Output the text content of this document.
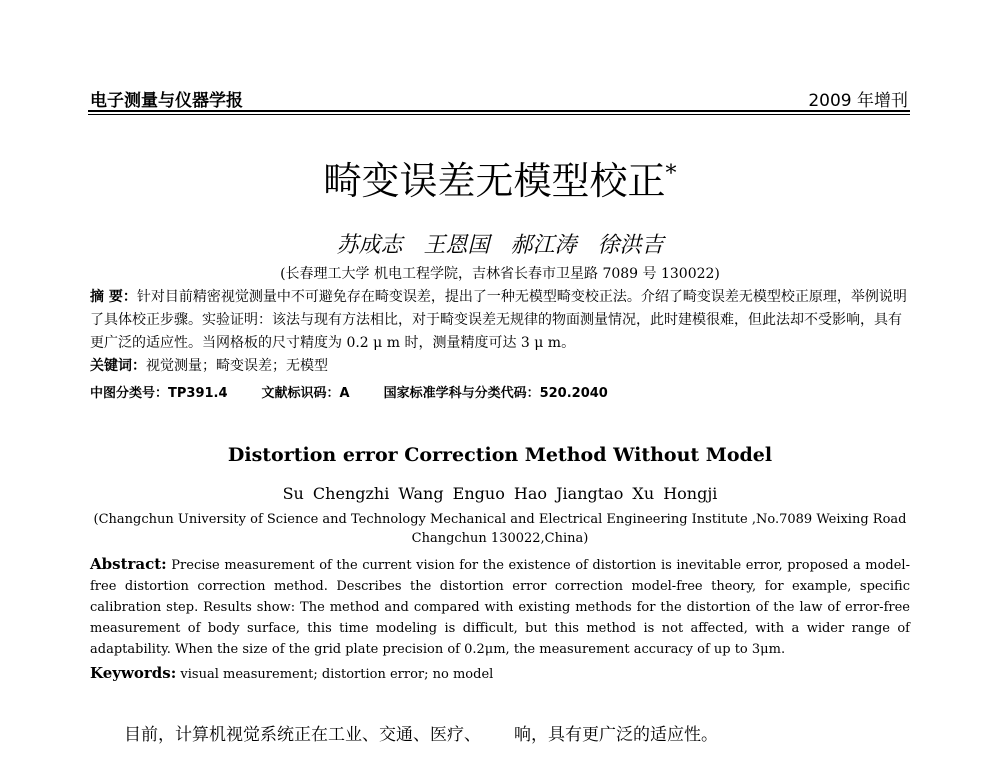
电子测量与仪器学报	2009 年增刊
畸变误差无模型校正*
苏成志 王恩国 郝江涛 徐洪吉
(长春理工大学 机电工程学院，吉林省长春市卫星路 7089 号 130022)
摘 要：针对目前精密视觉测量中不可避免存在畸变误差，提出了一种无模型畸变校正法。介绍了畸变误差无模型校正原理，举例说明了具体校正步骤。实验证明：该法与现有方法相比，对于畸变误差无规律的物面测量情况，此时建模很难，但此法却不受影响，具有更广泛的适应性。当网格板的尺寸精度为 0.2 μ m 时，测量精度可达 3 μ m。
关键词：视觉测量；畸变误差；无模型
中图分类号：TP391.4	文献标识码：A	国家标准学科与分类代码：520.2040
Distortion error Correction Method Without Model
Su Chengzhi Wang Enguo Hao Jiangtao Xu Hongji
(Changchun University of Science and Technology Mechanical and Electrical Engineering Institute ,No.7089 Weixing Road
Changchun 130022,China)
Abstract: Precise measurement of the current vision for the existence of distortion is inevitable error, proposed a model-free distortion correction method. Describes the distortion error correction model-free theory, for example, specific calibration step. Results show: The method and compared with existing methods for the distortion of the law of error-free measurement of body surface, this time modeling is difficult, but this method is not affected, with a wider range of adaptability. When the size of the grid plate precision of 0.2μm, the measurement accuracy of up to 3μm.
Keywords: visual measurement; distortion error; no model
目前，计算机视觉系统正在工业、交通、医疗、	响，具有更广泛的适应性。
